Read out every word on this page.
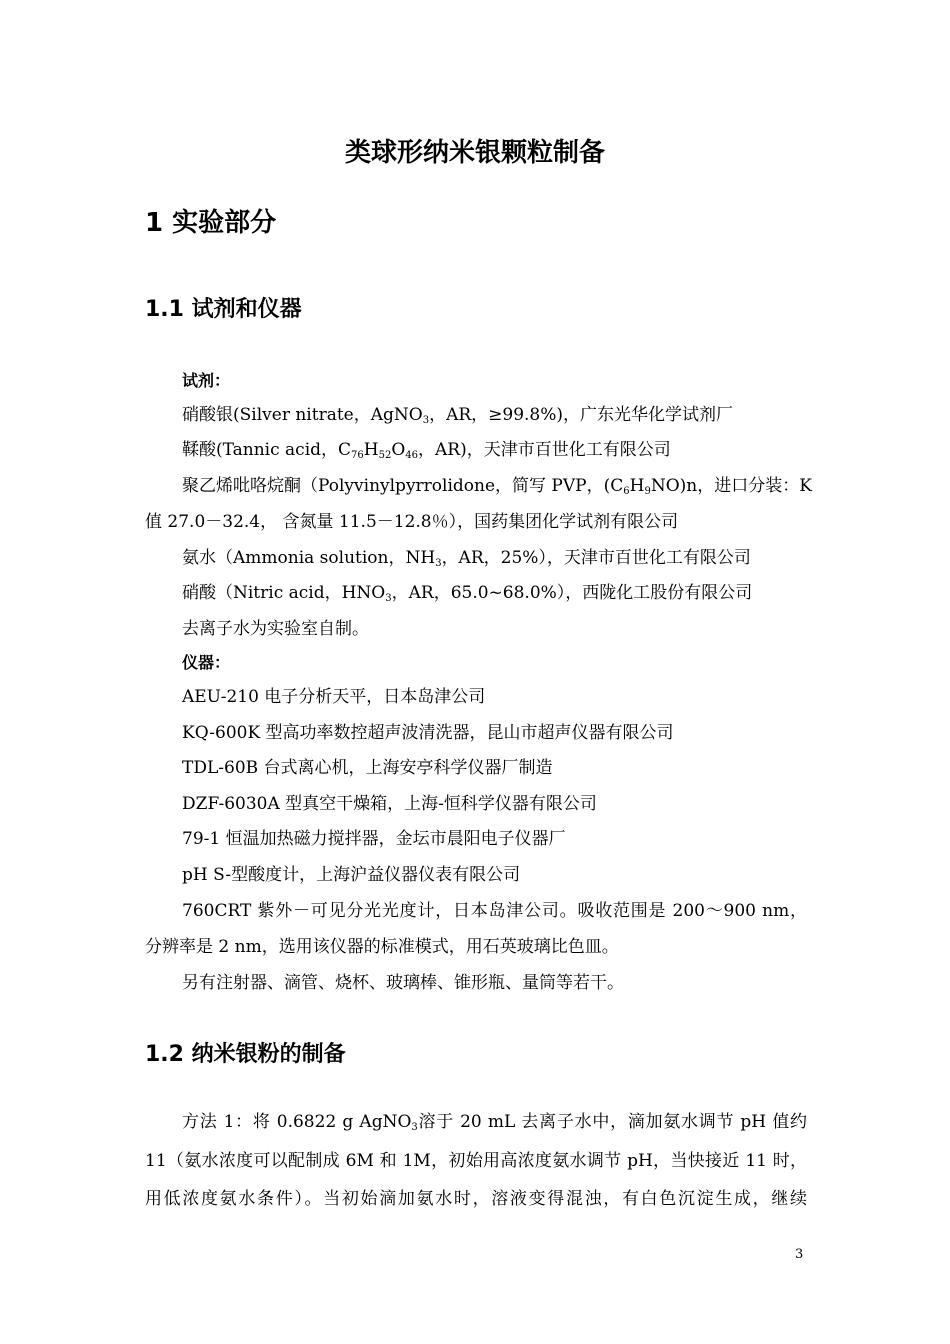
类球形纳米银颗粒制备
1 实验部分
1.1 试剂和仪器
试剂：
硝酸银(Silver nitrate，AgNO$_3$，AR，≥99.8%)，广东光华化学试剂厂
鞣酸(Tannic acid，$C_{76}H_{52}O_{46}$，AR)，天津市百世化工有限公司
聚乙烯吡咯烷酮（Polyvinylpyrrolidone，简写 PVP，$(C_6H_9NO)n$，进口分装：K
值 27.0－32.4， 含氮量 11.5－12.8％），国药集团化学试剂有限公司
氨水（Ammonia solution，$NH_3$，AR，25%），天津市百世化工有限公司
硝酸（Nitric acid，$HNO_3$，AR，65.0~68.0%），西陇化工股份有限公司
去离子水为实验室自制。
仪器：
AEU-210 电子分析天平，日本岛津公司
KQ-600K 型高功率数控超声波清洗器，昆山市超声仪器有限公司
TDL-60B 台式离心机，上海安亭科学仪器厂制造
DZF-6030A 型真空干燥箱，上海-恒科学仪器有限公司
79-1 恒温加热磁力搅拌器，金坛市晨阳电子仪器厂
pH S-型酸度计，上海沪益仪器仪表有限公司
760CRT 紫外－可见分光光度计，日本岛津公司。吸收范围是 200～900 nm，
分辨率是 2 nm，选用该仪器的标准模式，用石英玻璃比色皿。
另有注射器、滴管、烧杯、玻璃棒、锥形瓶、量筒等若干。
1.2 纳米银粉的制备
方法 1：将 0.6822 g AgNO$_3$溶于 20 mL 去离子水中，滴加氨水调节 pH 值约
11（氨水浓度可以配制成 6M 和 1M，初始用高浓度氨水调节 pH，当快接近 11 时，
用低浓度氨水条件）。当初始滴加氨水时，溶液变得混浊，有白色沉淀生成，继续
3
